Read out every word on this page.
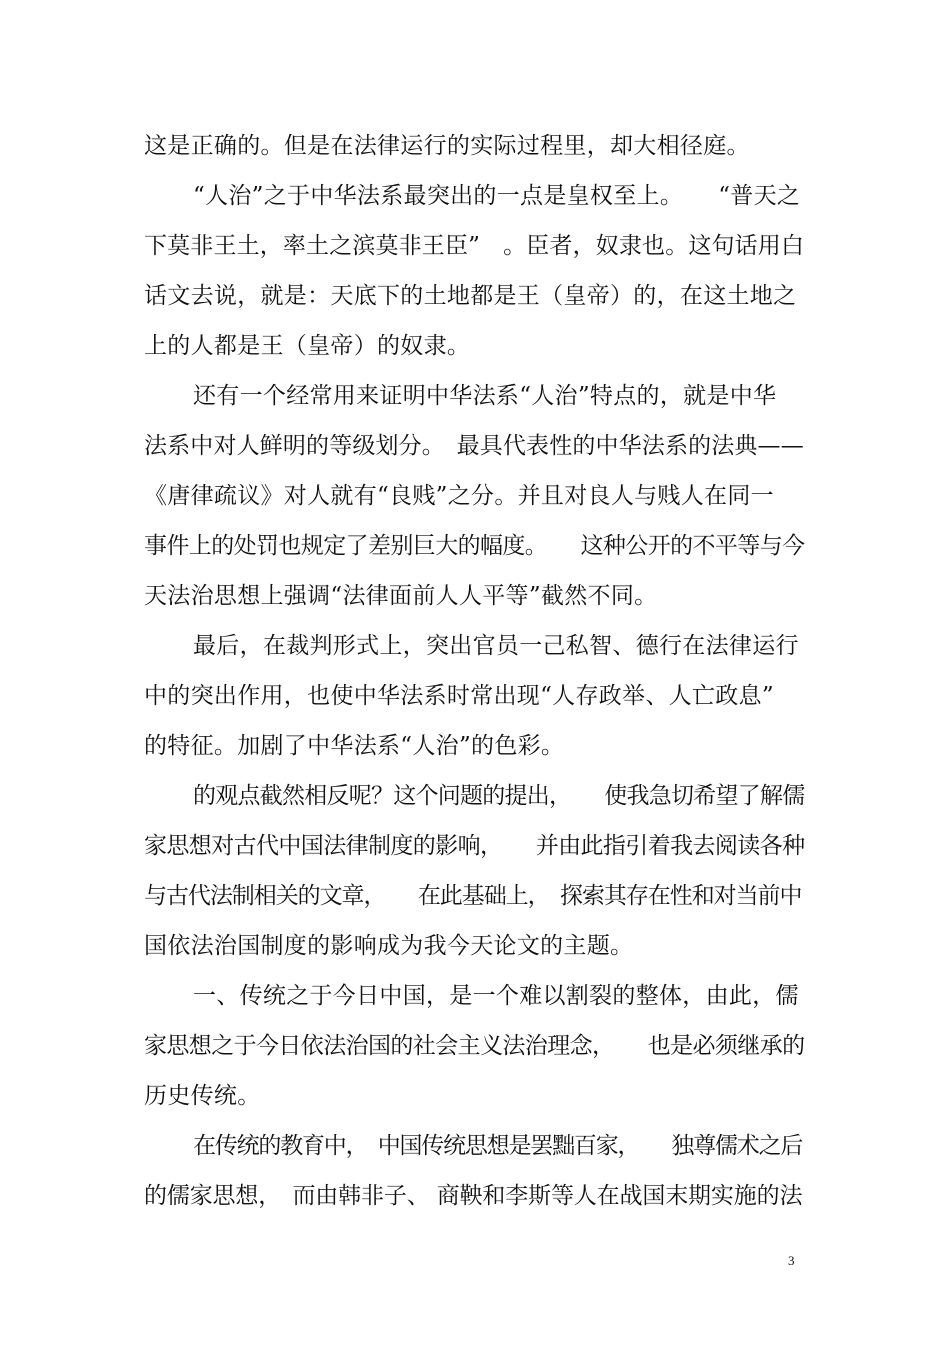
这是正确的。但是在法律运行的实际过程里，却大相径庭。
“人治”之于中华法系最突出的一点是皇权至上。　　“普天之
下莫非王土，率土之滨莫非王臣”　。臣者，奴隶也。这句话用白
话文去说，就是：天底下的土地都是王（皇帝）的，在这土地之
上的人都是王（皇帝）的奴隶。
还有一个经常用来证明中华法系“人治”特点的，就是中华
法系中对人鲜明的等级划分。　最具代表性的中华法系的法典——
《唐律疏议》对人就有“良贱”之分。并且对良人与贱人在同一
事件上的处罚也规定了差别巨大的幅度。　　这种公开的不平等与今
天法治思想上强调“法律面前人人平等”截然不同。
最后，在裁判形式上，突出官员一己私智、德行在法律运行
中的突出作用，也使中华法系时常出现“人存政举、人亡政息”
的特征。加剧了中华法系“人治”的色彩。
的观点截然相反呢？这个问题的提出，　　使我急切希望了解儒
家思想对古代中国法律制度的影响，　　并由此指引着我去阅读各种
与古代法制相关的文章，　　在此基础上，　探索其存在性和对当前中
国依法治国制度的影响成为我今天论文的主题。
一、传统之于今日中国，是一个难以割裂的整体，由此，儒
家思想之于今日依法治国的社会主义法治理念，　　也是必须继承的
历史传统。
在传统的教育中，　中国传统思想是罢黜百家，　　独尊儒术之后
的儒家思想，　而由韩非子、 商鞅和李斯等人在战国末期实施的法
3
